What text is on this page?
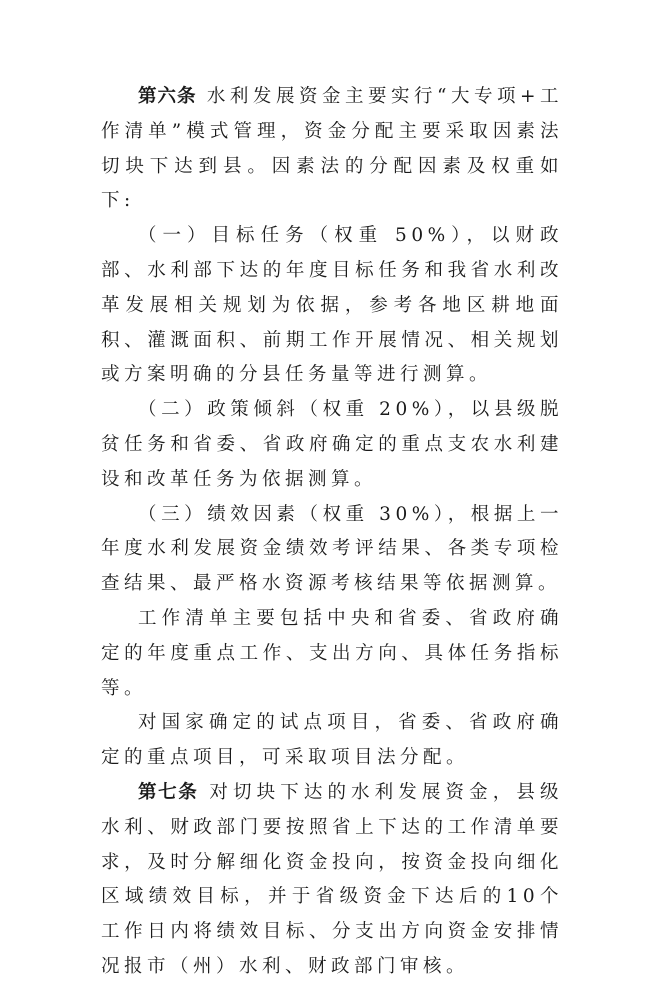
第六条 水利发展资金主要实行“大专项+工作清单”模式管理，资金分配主要采取因素法切块下达到县。因素法的分配因素及权重如下:

（一）目标任务（权重 50%），以财政部、水利部下达的年度目标任务和我省水利改革发展相关规划为依据，参考各地区耕地面积、灌溉面积、前期工作开展情况、相关规划或方案明确的分县任务量等进行测算。

（二）政策倾斜（权重 20%），以县级脱贫任务和省委、省政府确定的重点支农水利建设和改革任务为依据测算。

（三）绩效因素（权重 30%），根据上一年度水利发展资金绩效考评结果、各类专项检查结果、最严格水资源考核结果等依据测算。

工作清单主要包括中央和省委、省政府确定的年度重点工作、支出方向、具体任务指标等。

对国家确定的试点项目，省委、省政府确定的重点项目，可采取项目法分配。

第七条 对切块下达的水利发展资金，县级水利、财政部门要按照省上下达的工作清单要求，及时分解细化资金投向，按资金投向细化区域绩效目标，并于省级资金下达后的10个工作日内将绩效目标、分支出方向资金安排情况报市（州）水利、财政部门审核。
